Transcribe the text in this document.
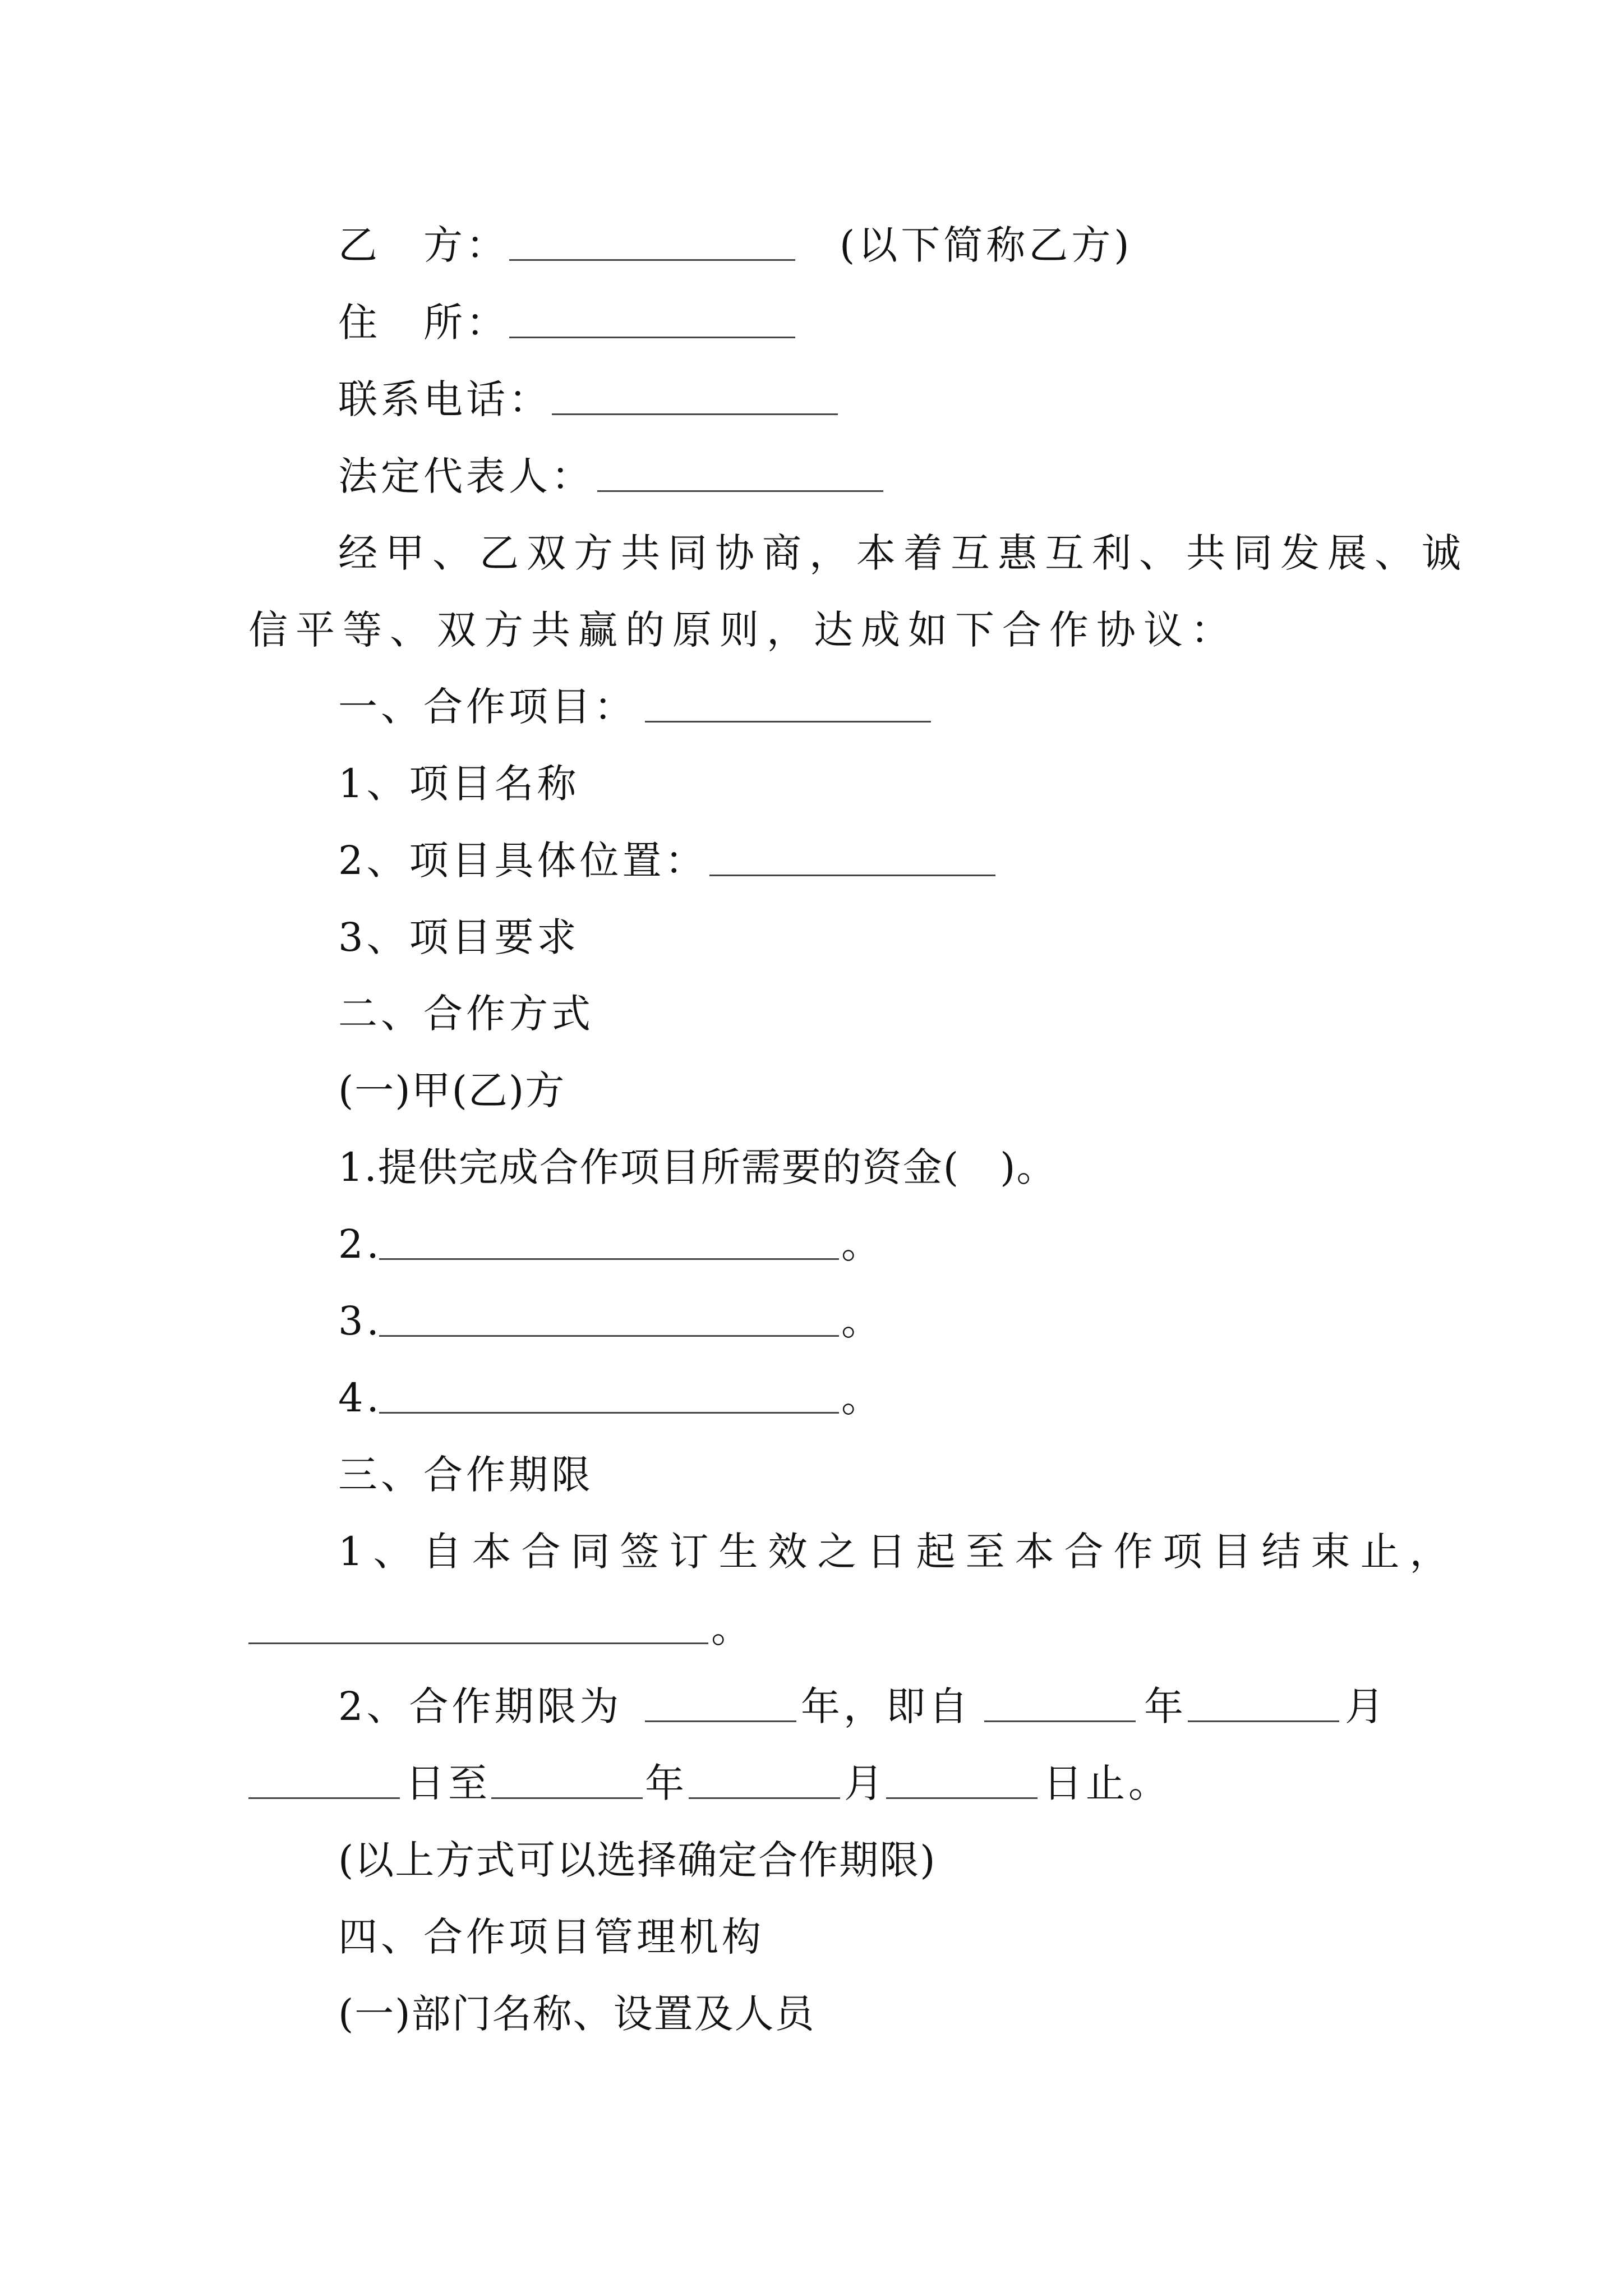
乙　方：	(以下简称乙方)
住　所：
联系电话：
法定代表人：
经甲、乙双方共同协商，本着互惠互利、共同发展、诚
信平等、双方共赢的原则，达成如下合作协议：
一、合作项目：
1、项目名称
2、项目具体位置：
3、项目要求
二、合作方式
(一)甲(乙)方
1.提供完成合作项目所需要的资金(　)。
2.	。
3.	。
4.	。
三、合作期限
1、自本合同签订生效之日起至本合作项目结束止，
。
2、合作期限为	年，即自	年	月
日至	年	月	日止。
(以上方式可以选择确定合作期限)
四、合作项目管理机构
(一)部门名称、设置及人员
